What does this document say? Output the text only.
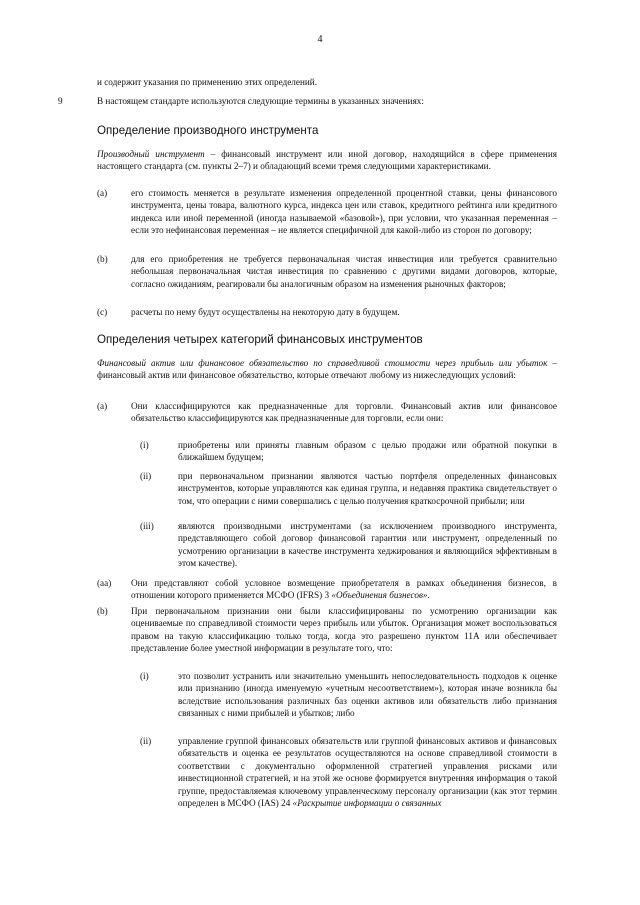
4
и содержит указания по применению этих определений.
9	В настоящем стандарте используются следующие термины в указанных значениях:
Определение производного инструмента
Производный инструмент – финансовый инструмент или иной договор, находящийся в сфере применения настоящего стандарта (см. пункты 2–7) и обладающий всеми тремя следующими характеристиками.
(a)	его стоимость меняется в результате изменения определенной процентной ставки, цены финансового инструмента, цены товара, валютного курса, индекса цен или ставок, кредитного рейтинга или кредитного индекса или иной переменной (иногда называемой «базовой»), при условии, что указанная переменная – если это нефинансовая переменная – не является специфичной для какой-либо из сторон по договору;
(b)	для его приобретения не требуется первоначальная чистая инвестиция или требуется сравнительно небольшая первоначальная чистая инвестиция по сравнению с другими видами договоров, которые, согласно ожиданиям, реагировали бы аналогичным образом на изменения рыночных факторов;
(c)	расчеты по нему будут осуществлены на некоторую дату в будущем.
Определения четырех категорий финансовых инструментов
Финансовый актив или финансовое обязательство по справедливой стоимости через прибыль или убыток – финансовый актив или финансовое обязательство, которые отвечают любому из нижеследующих условий:
(a)	Они классифицируются как предназначенные для торговли. Финансовый актив или финансовое обязательство классифицируются как предназначенные для торговли, если они:
(i)	приобретены или приняты главным образом с целью продажи или обратной покупки в ближайшем будущем;
(ii)	при первоначальном признании являются частью портфеля определенных финансовых инструментов, которые управляются как единая группа, и недавняя практика свидетельствует о том, что операции с ними совершались с целью получения краткосрочной прибыли; или
(iii)	являются производными инструментами (за исключением производного инструмента, представляющего собой договор финансовой гарантии или инструмент, определенный по усмотрению организации в качестве инструмента хеджирования и являющийся эффективным в этом качестве).
(aa) Они представляют собой условное возмещение приобретателя в рамках объединения бизнесов, в отношении которого применяется МСФО (IFRS) 3 «Объединения бизнесов».
(b)	При первоначальном признании они были классифицированы по усмотрению организации как оцениваемые по справедливой стоимости через прибыль или убыток. Организация может воспользоваться правом на такую классификацию только тогда, когда это разрешено пунктом 11А или обеспечивает представление более уместной информации в результате того, что:
(i)	это позволит устранить или значительно уменьшить непоследовательность подходов к оценке или признанию (иногда именуемую «учетным несоответствием»), которая иначе возникла бы вследствие использования различных баз оценки активов или обязательств либо признания связанных с ними прибылей и убытков; либо
(ii)	управление группой финансовых обязательств или группой финансовых активов и финансовых обязательств и оценка ее результатов осуществляются на основе справедливой стоимости в соответствии с документально оформленной стратегией управления рисками или инвестиционной стратегией, и на этой же основе формируется внутренняя информация о такой группе, предоставляемая ключевому управленческому персоналу организации (как этот термин определен в МСФО (IAS) 24 «Раскрытие информации о связанных
